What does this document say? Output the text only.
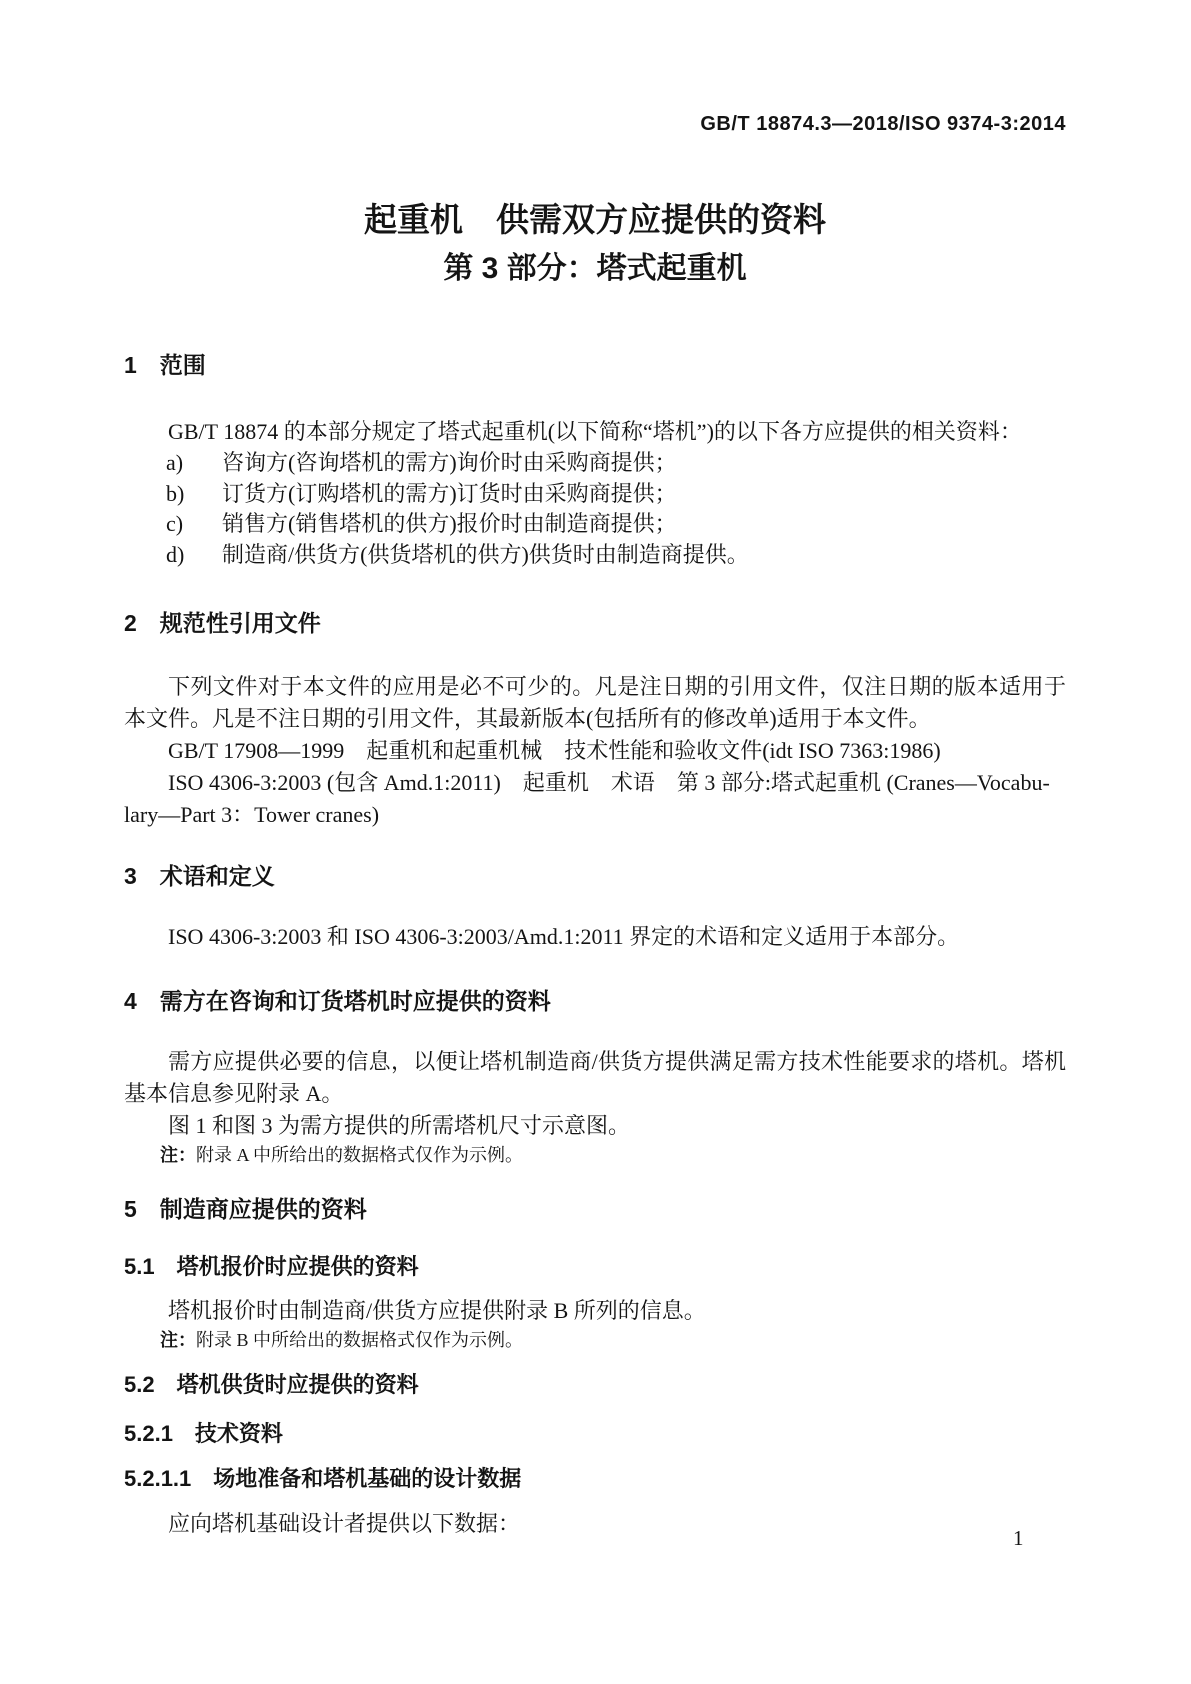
GB/T 18874.3—2018/ISO 9374-3:2014
起重机　供需双方应提供的资料
第 3 部分：塔式起重机
1　范围

GB/T 18874 的本部分规定了塔式起重机(以下简称“塔机”)的以下各方应提供的相关资料：

a) 咨询方(咨询塔机的需方)询价时由采购商提供；
b) 订货方(订购塔机的需方)订货时由采购商提供；
c) 销售方(销售塔机的供方)报价时由制造商提供；
d) 制造商/供货方(供货塔机的供方)供货时由制造商提供。
2　规范性引用文件

下列文件对于本文件的应用是必不可少的。凡是注日期的引用文件，仅注日期的版本适用于本文件。凡是不注日期的引用文件，其最新版本(包括所有的修改单)适用于本文件。

GB/T 17908—1999　起重机和起重机械　技术性能和验收文件(idt ISO 7363:1986)

ISO 4306-3:2003 (包含 Amd.1:2011)　起重机　术语　第 3 部分:塔式起重机 (Cranes—Vocabu-

lary—Part 3：Tower cranes)

3　术语和定义

ISO 4306-3:2003 和 ISO 4306-3:2003/Amd.1:2011 界定的术语和定义适用于本部分。

4　需方在咨询和订货塔机时应提供的资料

需方应提供必要的信息，以便让塔机制造商/供货方提供满足需方技术性能要求的塔机。塔机基本信息参见附录 A。

图 1 和图 3 为需方提供的所需塔机尺寸示意图。

注：附录 A 中所给出的数据格式仅作为示例。
5　制造商应提供的资料
5.1　塔机报价时应提供的资料

塔机报价时由制造商/供货方应提供附录 B 所列的信息。

注：附录 B 中所给出的数据格式仅作为示例。
5.2　塔机供货时应提供的资料
5.2.1　技术资料
5.2.1.1　场地准备和塔机基础的设计数据

应向塔机基础设计者提供以下数据：

1
